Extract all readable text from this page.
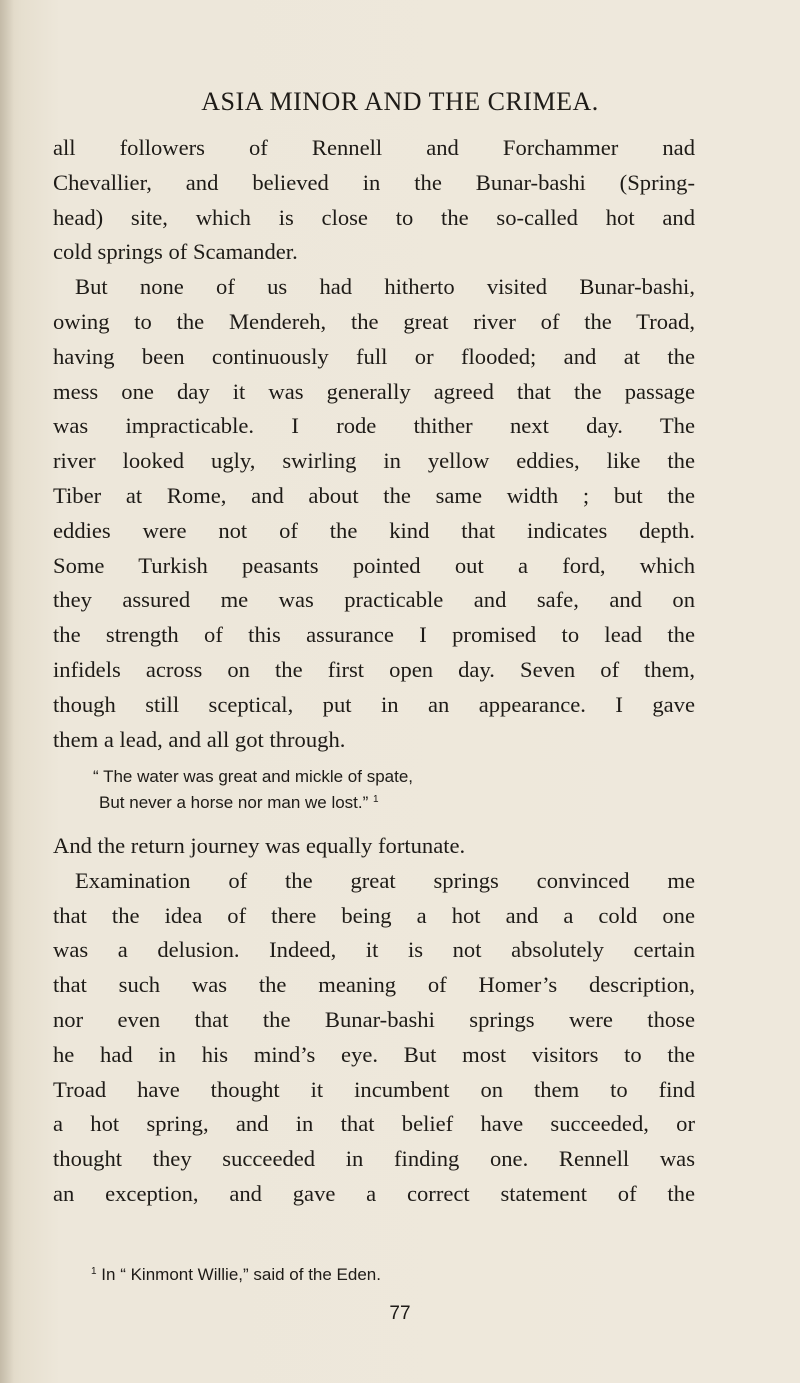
ASIA MINOR AND THE CRIMEA.
all followers of Rennell and Forchammer nad
Chevallier, and believed in the Bunar-bashi (Spring-
head) site, which is close to the so-called hot and
cold springs of Scamander.
But none of us had hitherto visited Bunar-bashi,
owing to the Mendereh, the great river of the Troad,
having been continuously full or flooded; and at the
mess one day it was generally agreed that the passage
was impracticable. I rode thither next day. The
river looked ugly, swirling in yellow eddies, like the
Tiber at Rome, and about the same width ; but the
eddies were not of the kind that indicates depth.
Some Turkish peasants pointed out a ford, which
they assured me was practicable and safe, and on
the strength of this assurance I promised to lead the
infidels across on the first open day. Seven of them,
though still sceptical, put in an appearance. I gave
them a lead, and all got through.
“ The water was great and mickle of spate,
But never a horse nor man we lost.” $^1$
And the return journey was equally fortunate.
Examination of the great springs convinced me
that the idea of there being a hot and a cold one
was a delusion. Indeed, it is not absolutely certain
that such was the meaning of Homer’s description,
nor even that the Bunar-bashi springs were those
he had in his mind’s eye. But most visitors to the
Troad have thought it incumbent on them to find
a hot spring, and in that belief have succeeded, or
thought they succeeded in finding one. Rennell was
an exception, and gave a correct statement of the
$^1$ In “ Kinmont Willie,” said of the Eden.
77
